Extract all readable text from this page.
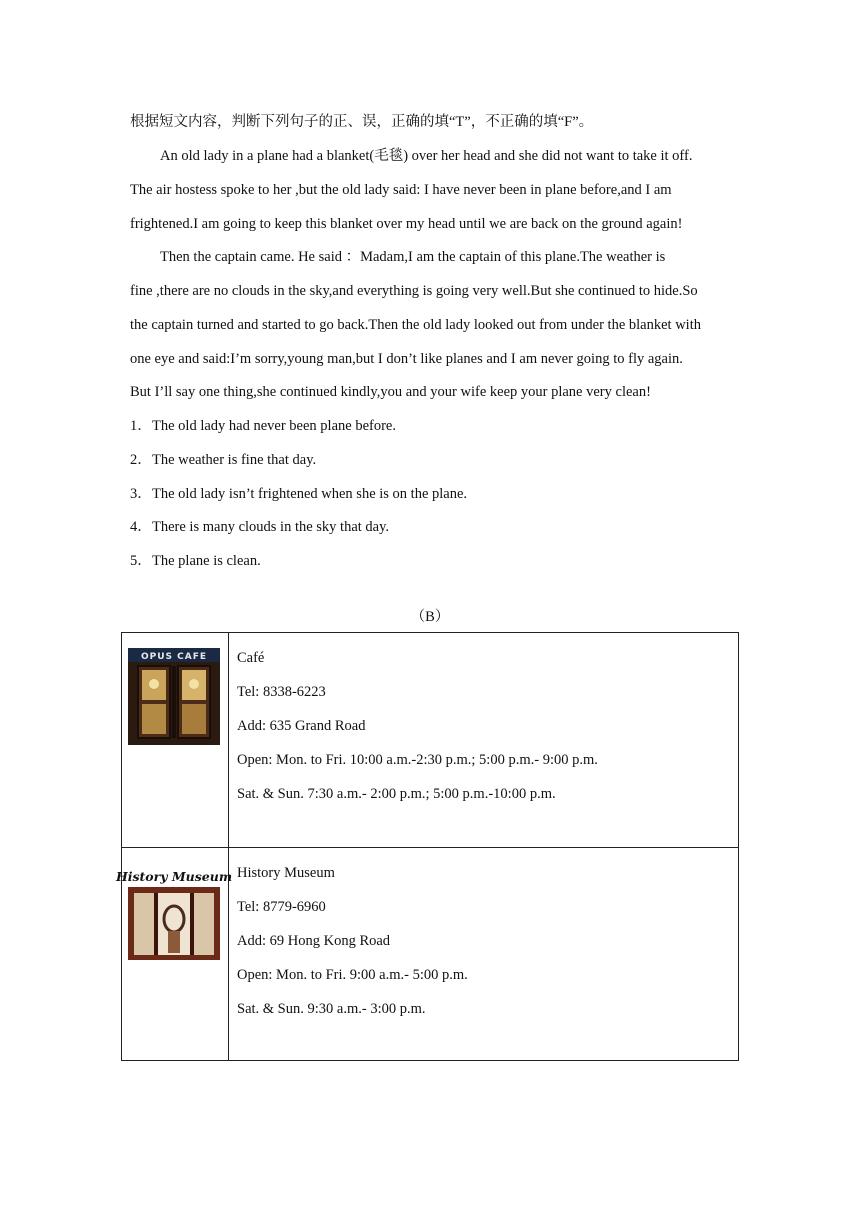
根据短文内容，判断下列句子的正、误，正确的填“T”，不正确的填“F”。
An old lady in a plane had a blanket(毛毯) over her head and she did not want to take it off.
The air hostess spoke to her ,but the old lady said: I have never been in plane before,and I am
frightened.I am going to keep this blanket over my head until we are back on the ground again!
Then the captain came. He said ：Madam,I am the captain of this plane.The weather is
fine ,there are no clouds in the sky,and everything is going very well.But she continued to hide.So
the captain turned and started to go back.Then the old lady looked out from under the blanket with
one eye and said:I’m sorry,young man,but I don’t like planes and I am never going to fly again.
But I’ll say one thing,she continued kindly,you and your wife keep your plane very clean!
1．The old lady had never been plane before.
2．The weather is fine that day.
3．The old lady isn’t frightened when she is on the plane.
4．There is many clouds in the sky that day.
5．The plane is clean.
（B）
OPUS CAFE	Café
Tel: 8338-6223
Add: 635 Grand Road
Open: Mon. to Fri. 10:00 a.m.-2:30 p.m.; 5:00 p.m.- 9:00 p.m.
Sat. & Sun. 7:30 a.m.- 2:00 p.m.; 5:00 p.m.-10:00 p.m.

History Museum	History Museum
Tel: 8779-6960
Add: 69 Hong Kong Road
Open: Mon. to Fri. 9:00 a.m.- 5:00 p.m.
Sat. & Sun. 9:30 a.m.- 3:00 p.m.
